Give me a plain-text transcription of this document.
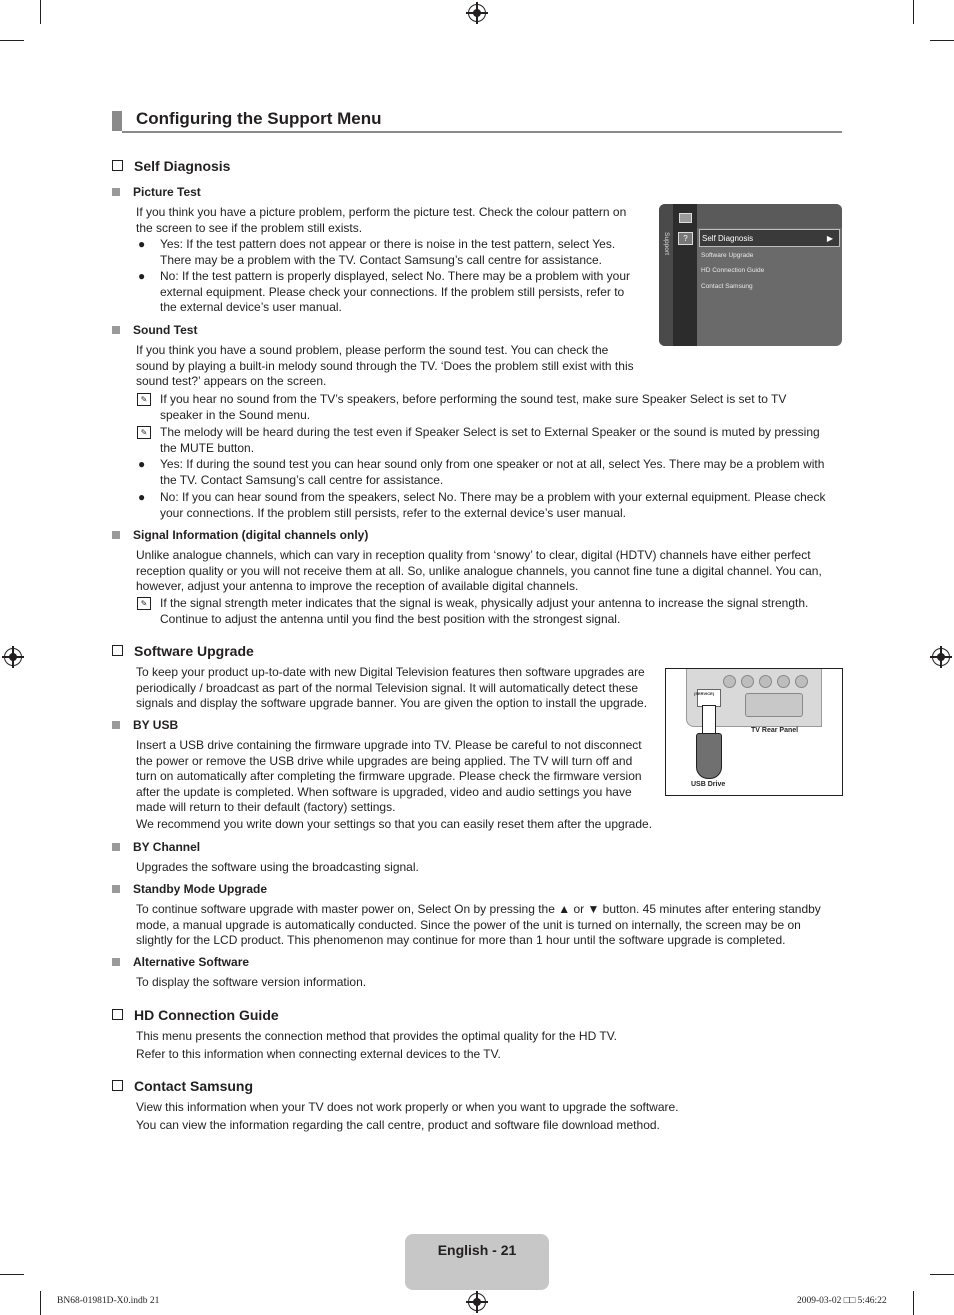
Configuring the Support Menu
Self Diagnosis
Picture Test
If you think you have a picture problem, perform the picture test. Check the colour pattern on
the screen to see if the problem still exists.
● Yes: If the test pattern does not appear or there is noise in the test pattern, select Yes.
There may be a problem with the TV. Contact Samsung’s call centre for assistance.
● No: If the test pattern is properly displayed, select No. There may be a problem with your
external equipment. Please check your connections. If the problem still persists, refer to
the external device’s user manual.
Support	?	Self Diagnosis	▶
Software Upgrade
HD Connection Guide
Contact Samsung
Sound Test
If you think you have a sound problem, please perform the sound test. You can check the
sound by playing a built-in melody sound through the TV. ‘Does the problem still exist with this
sound test?’ appears on the screen.
✎	If you hear no sound from the TV’s speakers, before performing the sound test, make sure Speaker Select is set to TV
speaker in the Sound menu.
✎	The melody will be heard during the test even if Speaker Select is set to External Speaker or the sound is muted by pressing
the MUTE button.
● Yes: If during the sound test you can hear sound only from one speaker or not at all, select Yes. There may be a problem with
the TV. Contact Samsung’s call centre for assistance.
● No: If you can hear sound from the speakers, select No. There may be a problem with your external equipment. Please check
your connections. If the problem still persists, refer to the external device’s user manual.
Signal Information (digital channels only)
Unlike analogue channels, which can vary in reception quality from ‘snowy’ to clear, digital (HDTV) channels have either perfect
reception quality or you will not receive them at all. So, unlike analogue channels, you cannot fine tune a digital channel. You can,
however, adjust your antenna to improve the reception of available digital channels.
✎	If the signal strength meter indicates that the signal is weak, physically adjust your antenna to increase the signal strength.
Continue to adjust the antenna until you find the best position with the strongest signal.
Software Upgrade
To keep your product up-to-date with new Digital Television features then software upgrades are
periodically / broadcast as part of the normal Television signal. It will automatically detect these
signals and display the software upgrade banner. You are given the option to install the upgrade.
(SERVICE)
TV Rear Panel
USB Drive
BY USB
Insert a USB drive containing the firmware upgrade into TV. Please be careful to not disconnect
the power or remove the USB drive while upgrades are being applied. The TV will turn off and
turn on automatically after completing the firmware upgrade. Please check the firmware version
after the update is completed. When software is upgraded, video and audio settings you have
made will return to their default (factory) settings.
We recommend you write down your settings so that you can easily reset them after the upgrade.
BY Channel
Upgrades the software using the broadcasting signal.
Standby Mode Upgrade
To continue software upgrade with master power on, Select On by pressing the ▲ or ▼ button. 45 minutes after entering standby
mode, a manual upgrade is automatically conducted. Since the power of the unit is turned on internally, the screen may be on
slightly for the LCD product. This phenomenon may continue for more than 1 hour until the software upgrade is completed.
Alternative Software
To display the software version information.
HD Connection Guide
This menu presents the connection method that provides the optimal quality for the HD TV.
Refer to this information when connecting external devices to the TV.
Contact Samsung
View this information when your TV does not work properly or when you want to upgrade the software.
You can view the information regarding the call centre, product and software file download method.
English - 21
BN68-01981D-X0.indb 21	2009-03-02 □□ 5:46:22
